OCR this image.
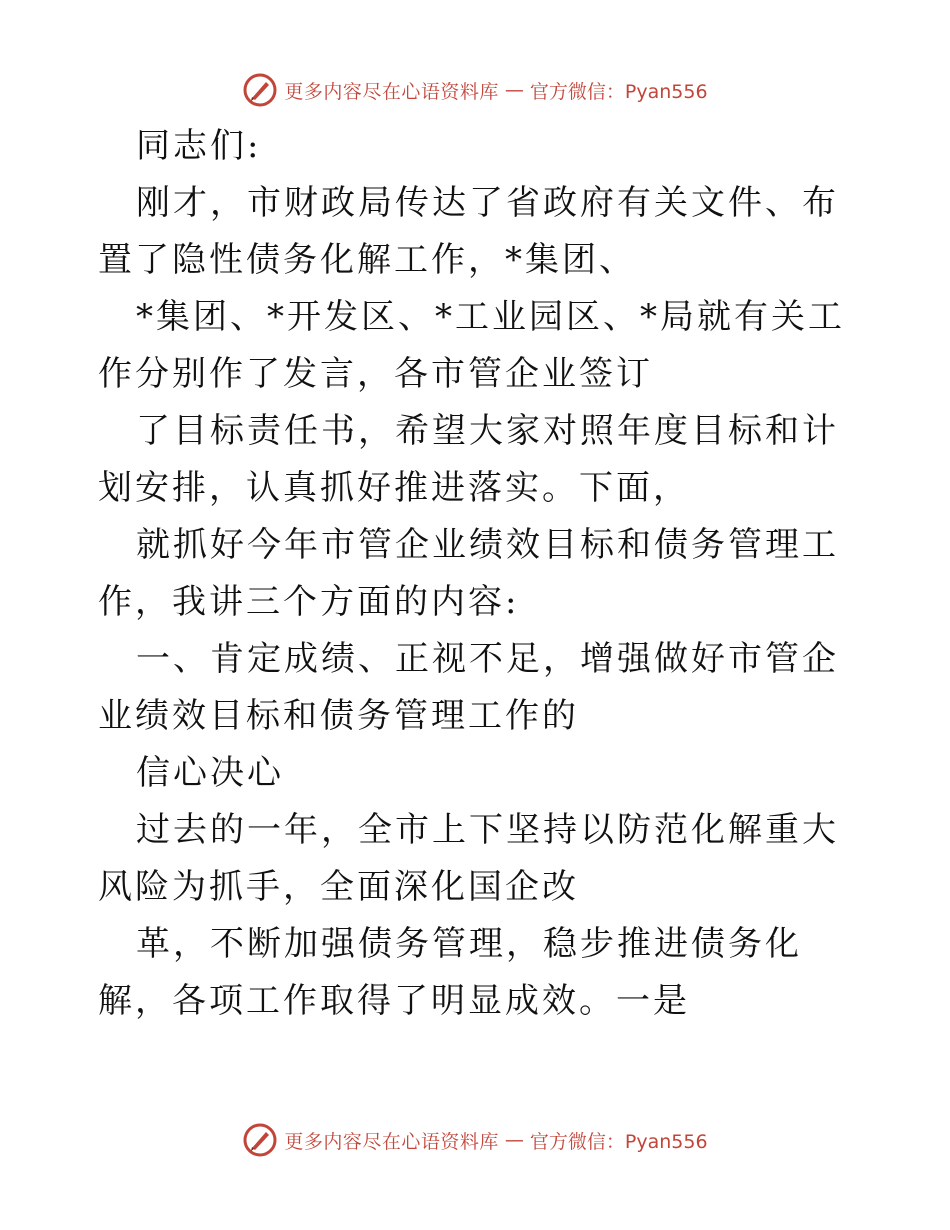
更多内容尽在心语资料库 — 官方微信：Pyan556

同志们:

刚才，市财政局传达了省政府有关文件、布置了隐性债务化解工作，*集团、

*集团、*开发区、*工业园区、*局就有关工作分别作了发言，各市管企业签订

了目标责任书，希望大家对照年度目标和计划安排，认真抓好推进落实。下面，

就抓好今年市管企业绩效目标和债务管理工作，我讲三个方面的内容:

一、肯定成绩、正视不足，增强做好市管企业绩效目标和债务管理工作的

信心决心

过去的一年，全市上下坚持以防范化解重大风险为抓手，全面深化国企改

革，不断加强债务管理，稳步推进债务化解，各项工作取得了明显成效。一是

更多内容尽在心语资料库 — 官方微信：Pyan556
